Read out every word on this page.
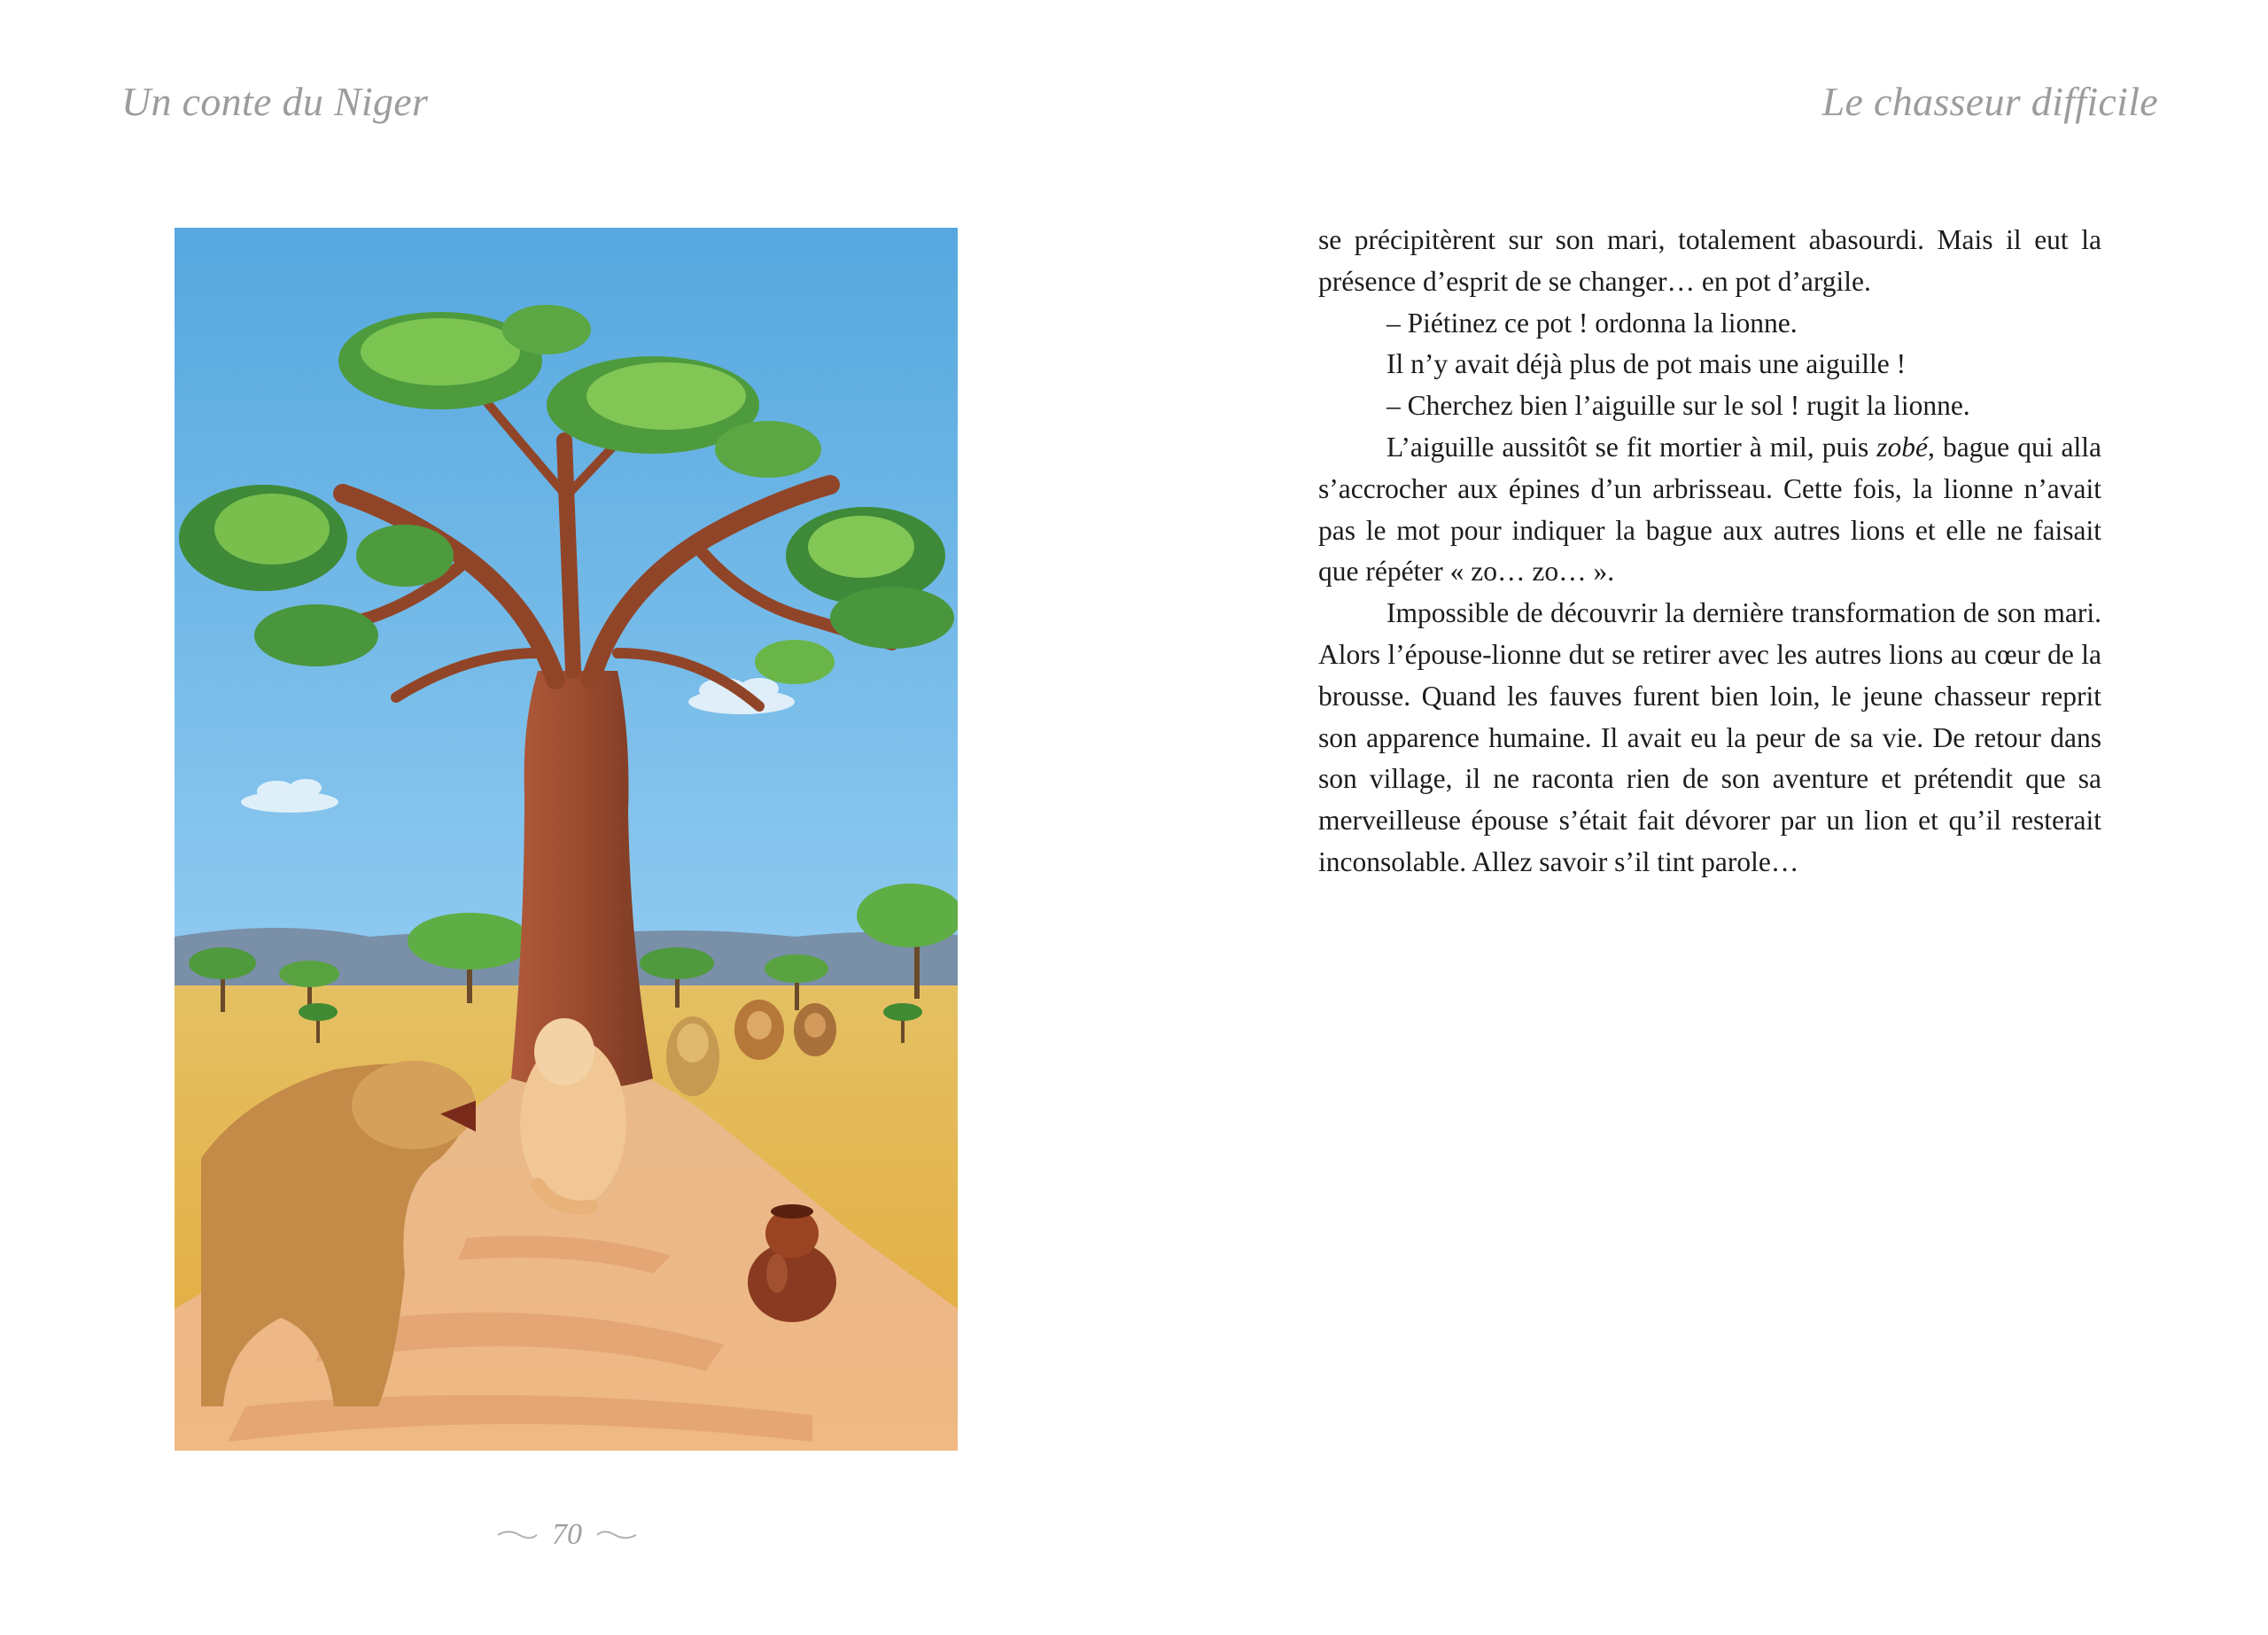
Un conte du Niger	Le chasseur difficile
70

se précipitèrent sur son mari, totalement abasourdi. Mais il eut la présence d’esprit de se changer… en pot d’argile.

– Piétinez ce pot ! ordonna la lionne.

Il n’y avait déjà plus de pot mais une aiguille !

– Cherchez bien l’aiguille sur le sol ! rugit la lionne.

L’aiguille aussitôt se fit mortier à mil, puis zobé, bague qui alla s’accrocher aux épines d’un arbrisseau. Cette fois, la lionne n’avait pas le mot pour indiquer la bague aux autres lions et elle ne faisait que répéter « zo… zo… ».

Impossible de découvrir la dernière transformation de son mari. Alors l’épouse-lionne dut se retirer avec les autres lions au cœur de la brousse. Quand les fauves furent bien loin, le jeune chasseur reprit son apparence humaine. Il avait eu la peur de sa vie. De retour dans son village, il ne raconta rien de son aventure et prétendit que sa merveilleuse épouse s’était fait dévorer par un lion et qu’il resterait inconsolable. Allez savoir s’il tint parole…
